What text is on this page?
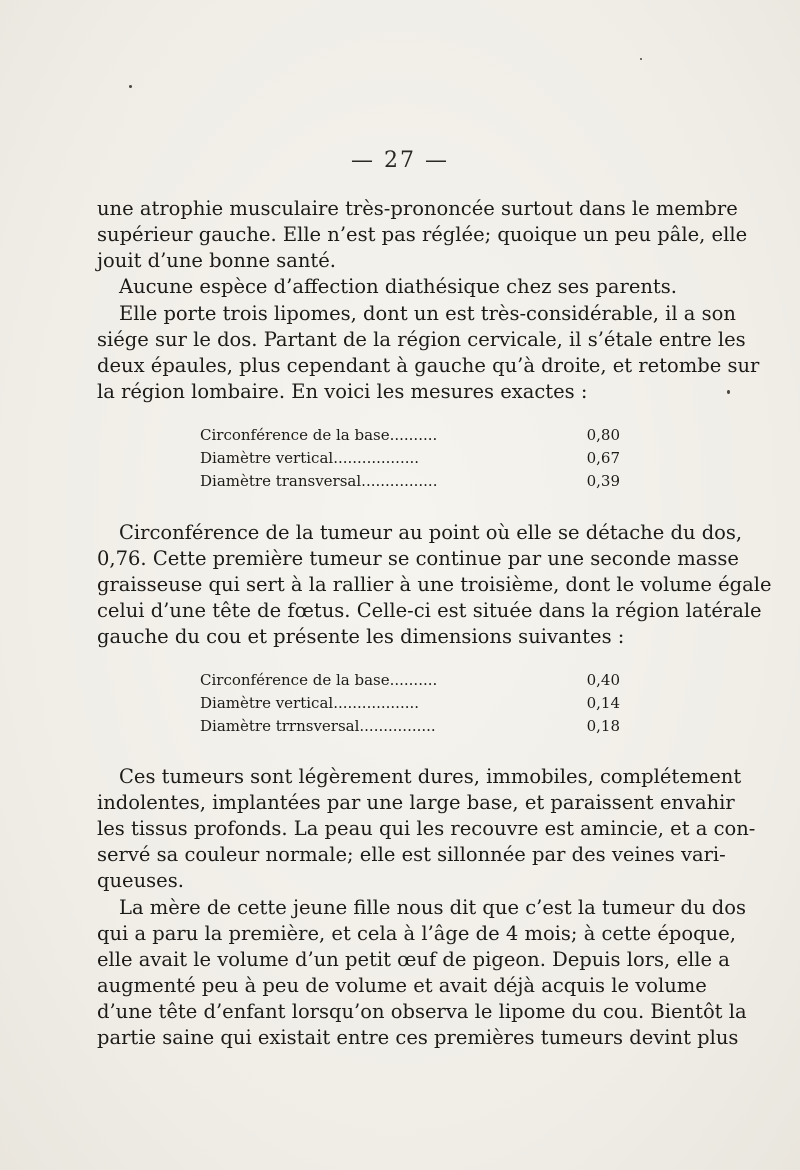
— 27 —
une atrophie musculaire très-prononcée surtout dans le membre
supérieur gauche. Elle n’est pas réglée; quoique un peu pâle, elle
jouit d’une bonne santé.
Aucune espèce d’affection diathésique chez ses parents.
Elle porte trois lipomes, dont un est très-considérable, il a son
siége sur le dos. Partant de la région cervicale, il s’étale entre les
deux épaules, plus cependant à gauche qu’à droite, et retombe sur
la région lombaire. En voici les mesures exactes :
Circonférence de la base..........	0,80
Diamètre vertical..................	0,67
Diamètre transversal................	0,39
Circonférence de la tumeur au point où elle se détache du dos,
0,76. Cette première tumeur se continue par une seconde masse
graisseuse qui sert à la rallier à une troisième, dont le volume égale
celui d’une tête de fœtus. Celle-ci est située dans la région latérale
gauche du cou et présente les dimensions suivantes :
Circonférence de la base..........	0,40
Diamètre vertical..................	0,14
Diamètre trrnsversal................	0,18
Ces tumeurs sont légèrement dures, immobiles, complétement
indolentes, implantées par une large base, et paraissent envahir
les tissus profonds. La peau qui les recouvre est amincie, et a con-
servé sa couleur normale; elle est sillonnée par des veines vari-
queuses.
La mère de cette jeune fille nous dit que c’est la tumeur du dos
qui a paru la première, et cela à l’âge de 4 mois; à cette époque,
elle avait le volume d’un petit œuf de pigeon. Depuis lors, elle a
augmenté peu à peu de volume et avait déjà acquis le volume
d’une tête d’enfant lorsqu’on observa le lipome du cou. Bientôt la
partie saine qui existait entre ces premières tumeurs devint plus
